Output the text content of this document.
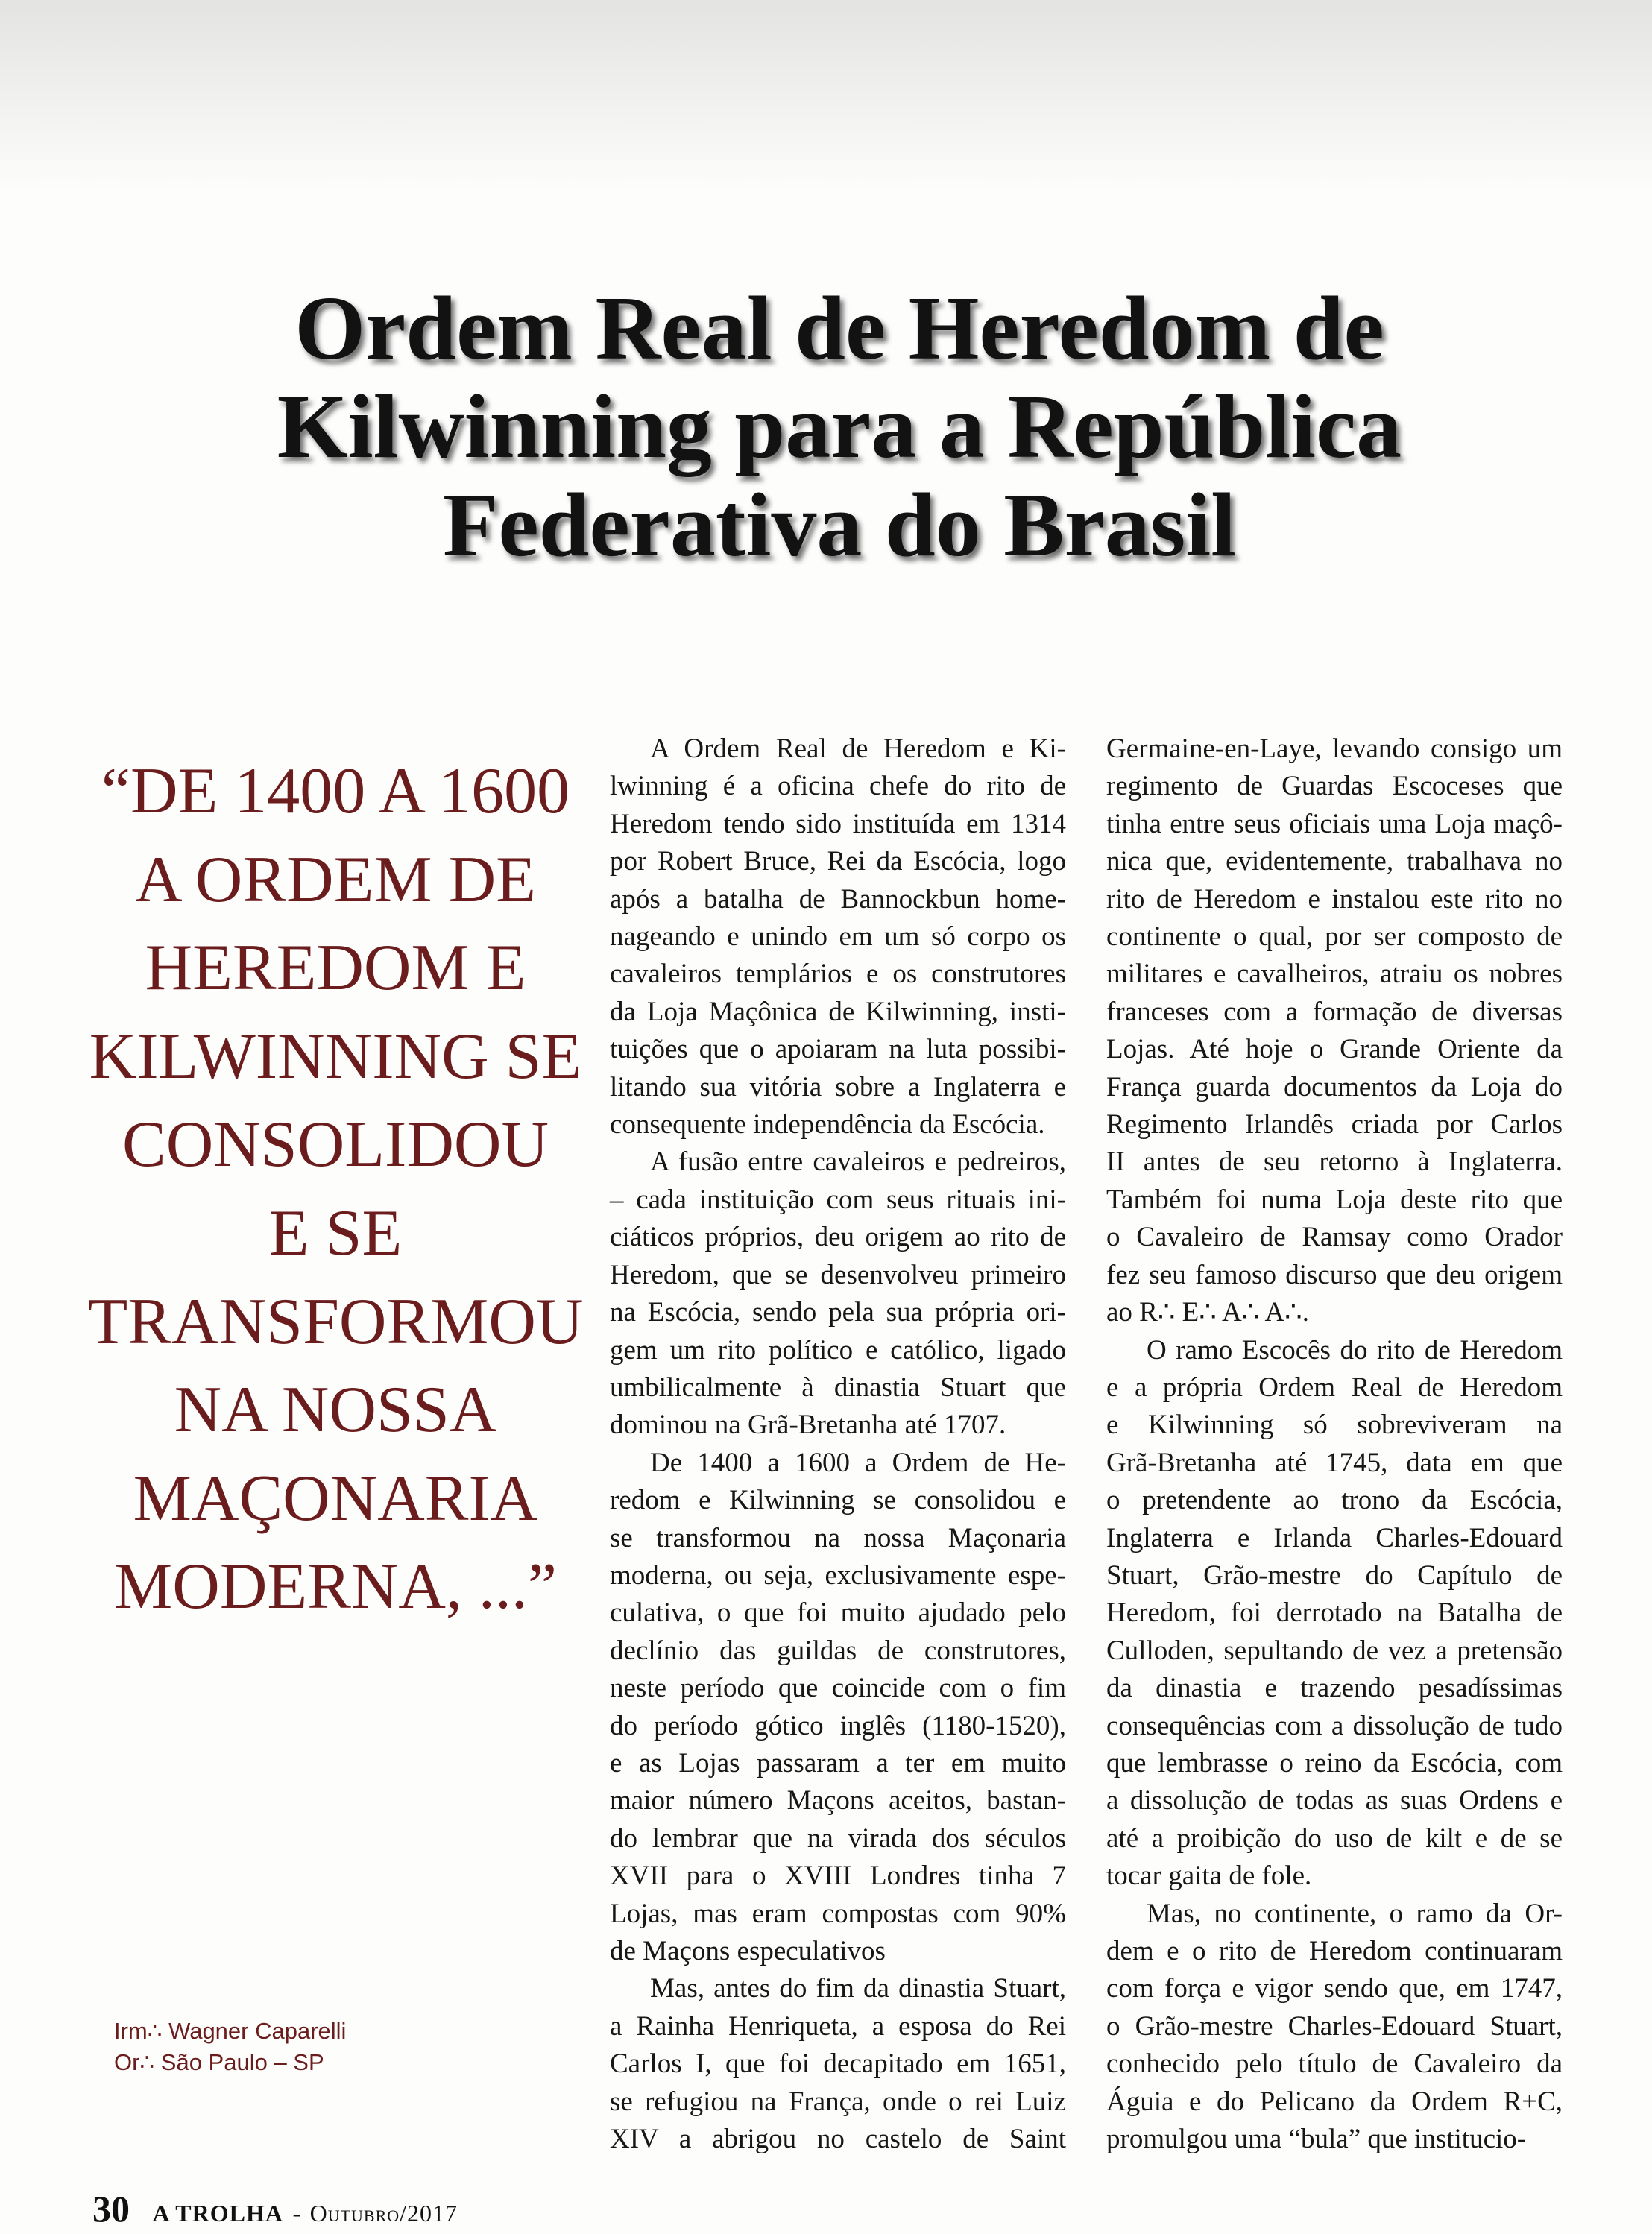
Ordem Real de Heredom de
Kilwinning para a República
Federativa do Brasil
“DE 1400 A 1600
A ORDEM DE
HEREDOM E
KILWINNING SE
CONSOLIDOU
E SE
TRANSFORMOU
NA NOSSA
MAÇONARIA
MODERNA, ...”
Irm∴ Wagner Caparelli
Or∴ São Paulo – SP
A Ordem Real de Heredom e Ki-
lwinning é a oficina chefe do rito de
Heredom tendo sido instituída em 1314
por Robert Bruce, Rei da Escócia, logo
após a batalha de Bannockbun home-
nageando e unindo em um só corpo os
cavaleiros templários e os construtores
da Loja Maçônica de Kilwinning, insti-
tuições que o apoiaram na luta possibi-
litando sua vitória sobre a Inglaterra e
consequente independência da Escócia.
A fusão entre cavaleiros e pedreiros,
– cada instituição com seus rituais ini-
ciáticos próprios, deu origem ao rito de
Heredom, que se desenvolveu primeiro
na Escócia, sendo pela sua própria ori-
gem um rito político e católico, ligado
umbilicalmente à dinastia Stuart que
dominou na Grã-Bretanha até 1707.
De 1400 a 1600 a Ordem de He-
redom e Kilwinning se consolidou e
se transformou na nossa Maçonaria
moderna, ou seja, exclusivamente espe-
culativa, o que foi muito ajudado pelo
declínio das guildas de construtores,
neste período que coincide com o fim
do período gótico inglês (1180-1520),
e as Lojas passaram a ter em muito
maior número Maçons aceitos, bastan-
do lembrar que na virada dos séculos
XVII para o XVIII Londres tinha 7
Lojas, mas eram compostas com 90%
de Maçons especulativos
Mas, antes do fim da dinastia Stuart,
a Rainha Henriqueta, a esposa do Rei
Carlos I, que foi decapitado em 1651,
se refugiou na França, onde o rei Luiz
XIV a abrigou no castelo de Saint
Germaine-en-Laye, levando consigo um
regimento de Guardas Escoceses que
tinha entre seus oficiais uma Loja maçô-
nica que, evidentemente, trabalhava no
rito de Heredom e instalou este rito no
continente o qual, por ser composto de
militares e cavalheiros, atraiu os nobres
franceses com a formação de diversas
Lojas. Até hoje o Grande Oriente da
França guarda documentos da Loja do
Regimento Irlandês criada por Carlos
II antes de seu retorno à Inglaterra.
Também foi numa Loja deste rito que
o Cavaleiro de Ramsay como Orador
fez seu famoso discurso que deu origem
ao R∴ E∴ A∴ A∴.
O ramo Escocês do rito de Heredom
e a própria Ordem Real de Heredom
e Kilwinning só sobreviveram na
Grã-Bretanha até 1745, data em que
o pretendente ao trono da Escócia,
Inglaterra e Irlanda Charles-Edouard
Stuart, Grão-mestre do Capítulo de
Heredom, foi derrotado na Batalha de
Culloden, sepultando de vez a pretensão
da dinastia e trazendo pesadíssimas
consequências com a dissolução de tudo
que lembrasse o reino da Escócia, com
a dissolução de todas as suas Ordens e
até a proibição do uso de kilt e de se
tocar gaita de fole.
Mas, no continente, o ramo da Or-
dem e o rito de Heredom continuaram
com força e vigor sendo que, em 1747,
o Grão-mestre Charles-Edouard Stuart,
conhecido pelo título de Cavaleiro da
Águia e do Pelicano da Ordem R+C,
promulgou uma “bula” que institucio-
30 A TROLHA - Outubro/2017
